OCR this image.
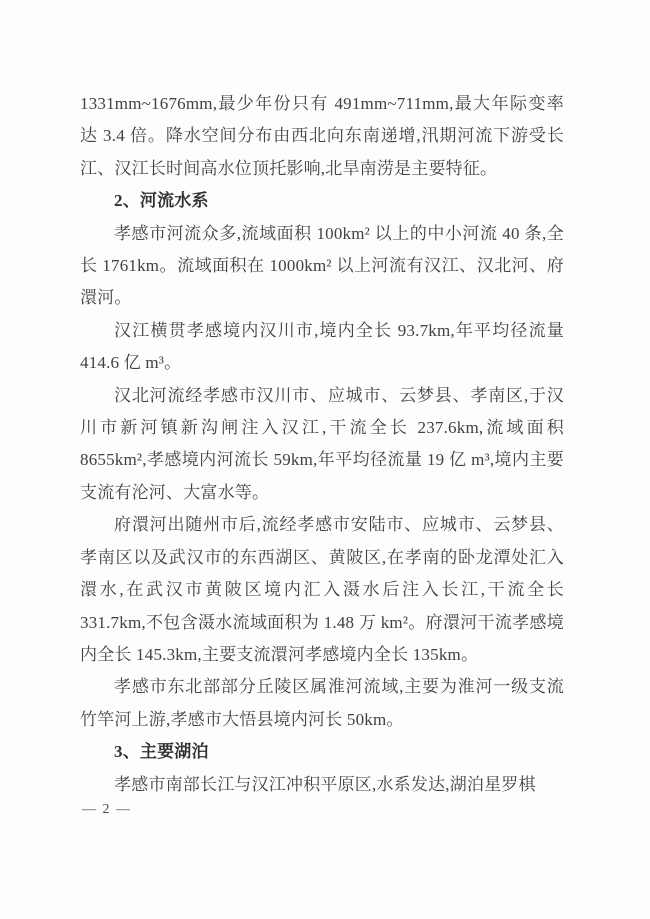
1331mm~1676mm,最少年份只有 491mm~711mm,最大年际变率达 3.4 倍。降水空间分布由西北向东南递增,汛期河流下游受长江、汉江长时间高水位顶托影响,北旱南涝是主要特征。

2、河流水系

孝感市河流众多,流域面积 100km² 以上的中小河流 40 条,全长 1761km。流域面积在 1000km² 以上河流有汉江、汉北河、府澴河。

汉江横贯孝感境内汉川市,境内全长 93.7km,年平均径流量 414.6 亿 m³。

汉北河流经孝感市汉川市、应城市、云梦县、孝南区,于汉川市新河镇新沟闸注入汉江,干流全长 237.6km,流域面积 8655km²,孝感境内河流长 59km,年平均径流量 19 亿 m³,境内主要支流有沦河、大富水等。

府澴河出随州市后,流经孝感市安陆市、应城市、云梦县、孝南区以及武汉市的东西湖区、黄陂区,在孝南的卧龙潭处汇入澴水,在武汉市黄陂区境内汇入滠水后注入长江,干流全长 331.7km,不包含滠水流域面积为 1.48 万 km²。府澴河干流孝感境内全长 145.3km,主要支流澴河孝感境内全长 135km。

孝感市东北部部分丘陵区属淮河流域,主要为淮河一级支流竹竿河上游,孝感市大悟县境内河长 50km。

3、主要湖泊

孝感市南部长江与汉江冲积平原区,水系发达,湖泊星罗棋

— 2 —
